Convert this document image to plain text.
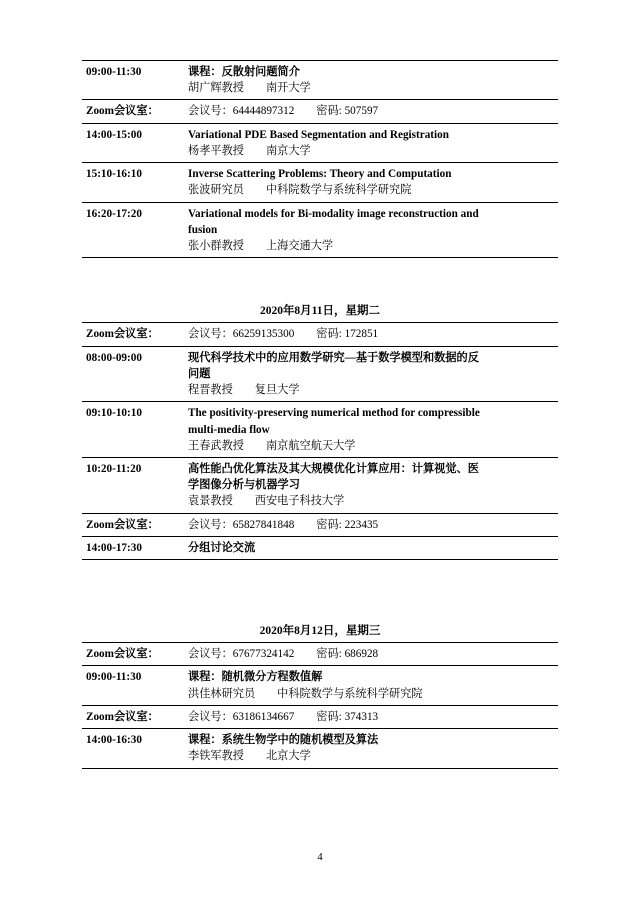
09:00-11:30	课程：反散射问题简介
胡广辉教授 南开大学

Zoom会议室：	会议号：64444897312 密码: 507597
14:00-15:00	Variational PDE Based Segmentation and Registration
杨孝平教授 南京大学

15:10-16:10	Inverse Scattering Problems: Theory and Computation
张波研究员 中科院数学与系统科学研究院

16:20-17:20	Variational models for Bi-modality image reconstruction and
fusion
张小群教授 上海交通大学
2020年8月11日，星期二
Zoom会议室：	会议号：66259135300 密码: 172851
08:00-09:00	现代科学技术中的应用数学研究—基于数学模型和数据的反
问题
程晋教授 复旦大学

09:10-10:10	The positivity-preserving numerical method for compressible
multi-media flow
王春武教授 南京航空航天大学

10:20-11:20	高性能凸优化算法及其大规模优化计算应用：计算视觉、医
学图像分析与机器学习
袁景教授 西安电子科技大学

Zoom会议室：	会议号：65827841848 密码: 223435
14:00-17:30	分组讨论交流
2020年8月12日，星期三
Zoom会议室：	会议号：67677324142 密码: 686928
09:00-11:30	课程：随机微分方程数值解
洪佳林研究员 中科院数学与系统科学研究院

Zoom会议室：	会议号：63186134667 密码: 374313
14:00-16:30	课程：系统生物学中的随机模型及算法
李铁军教授 北京大学
4
